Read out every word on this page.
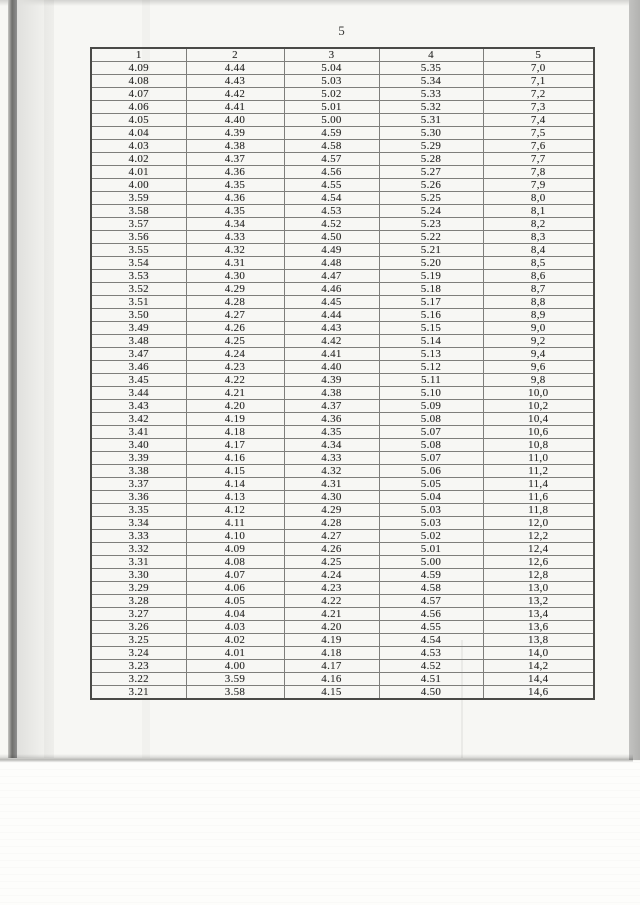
5
1	2	3	4	5
4.09	4.44	5.04	5.35	7,0
4.08	4.43	5.03	5.34	7,1
4.07	4.42	5.02	5.33	7,2
4.06	4.41	5.01	5.32	7,3
4.05	4.40	5.00	5.31	7,4
4.04	4.39	4.59	5.30	7,5
4.03	4.38	4.58	5.29	7,6
4.02	4.37	4.57	5.28	7,7
4.01	4.36	4.56	5.27	7,8
4.00	4.35	4.55	5.26	7,9
3.59	4.36	4.54	5.25	8,0
3.58	4.35	4.53	5.24	8,1
3.57	4.34	4.52	5.23	8,2
3.56	4.33	4.50	5.22	8,3
3.55	4.32	4.49	5.21	8,4
3.54	4.31	4.48	5.20	8,5
3.53	4.30	4.47	5.19	8,6
3.52	4.29	4.46	5.18	8,7
3.51	4.28	4.45	5.17	8,8
3.50	4.27	4.44	5.16	8,9
3.49	4.26	4.43	5.15	9,0
3.48	4.25	4.42	5.14	9,2
3.47	4.24	4.41	5.13	9,4
3.46	4.23	4.40	5.12	9,6
3.45	4.22	4.39	5.11	9,8
3.44	4.21	4.38	5.10	10,0
3.43	4.20	4.37	5.09	10,2
3.42	4.19	4.36	5.08	10,4
3.41	4.18	4.35	5.07	10,6
3.40	4.17	4.34	5.08	10,8
3.39	4.16	4.33	5.07	11,0
3.38	4.15	4.32	5.06	11,2
3.37	4.14	4.31	5.05	11,4
3.36	4.13	4.30	5.04	11,6
3.35	4.12	4.29	5.03	11,8
3.34	4.11	4.28	5.03	12,0
3.33	4.10	4.27	5.02	12,2
3.32	4.09	4.26	5.01	12,4
3.31	4.08	4.25	5.00	12,6
3.30	4.07	4.24	4.59	12,8
3.29	4.06	4.23	4.58	13,0
3.28	4.05	4.22	4.57	13,2
3.27	4.04	4.21	4.56	13,4
3.26	4.03	4.20	4.55	13,6
3.25	4.02	4.19	4.54	13,8
3.24	4.01	4.18	4.53	14,0
3.23	4.00	4.17	4.52	14,2
3.22	3.59	4.16	4.51	14,4
3.21	3.58	4.15	4.50	14,6
